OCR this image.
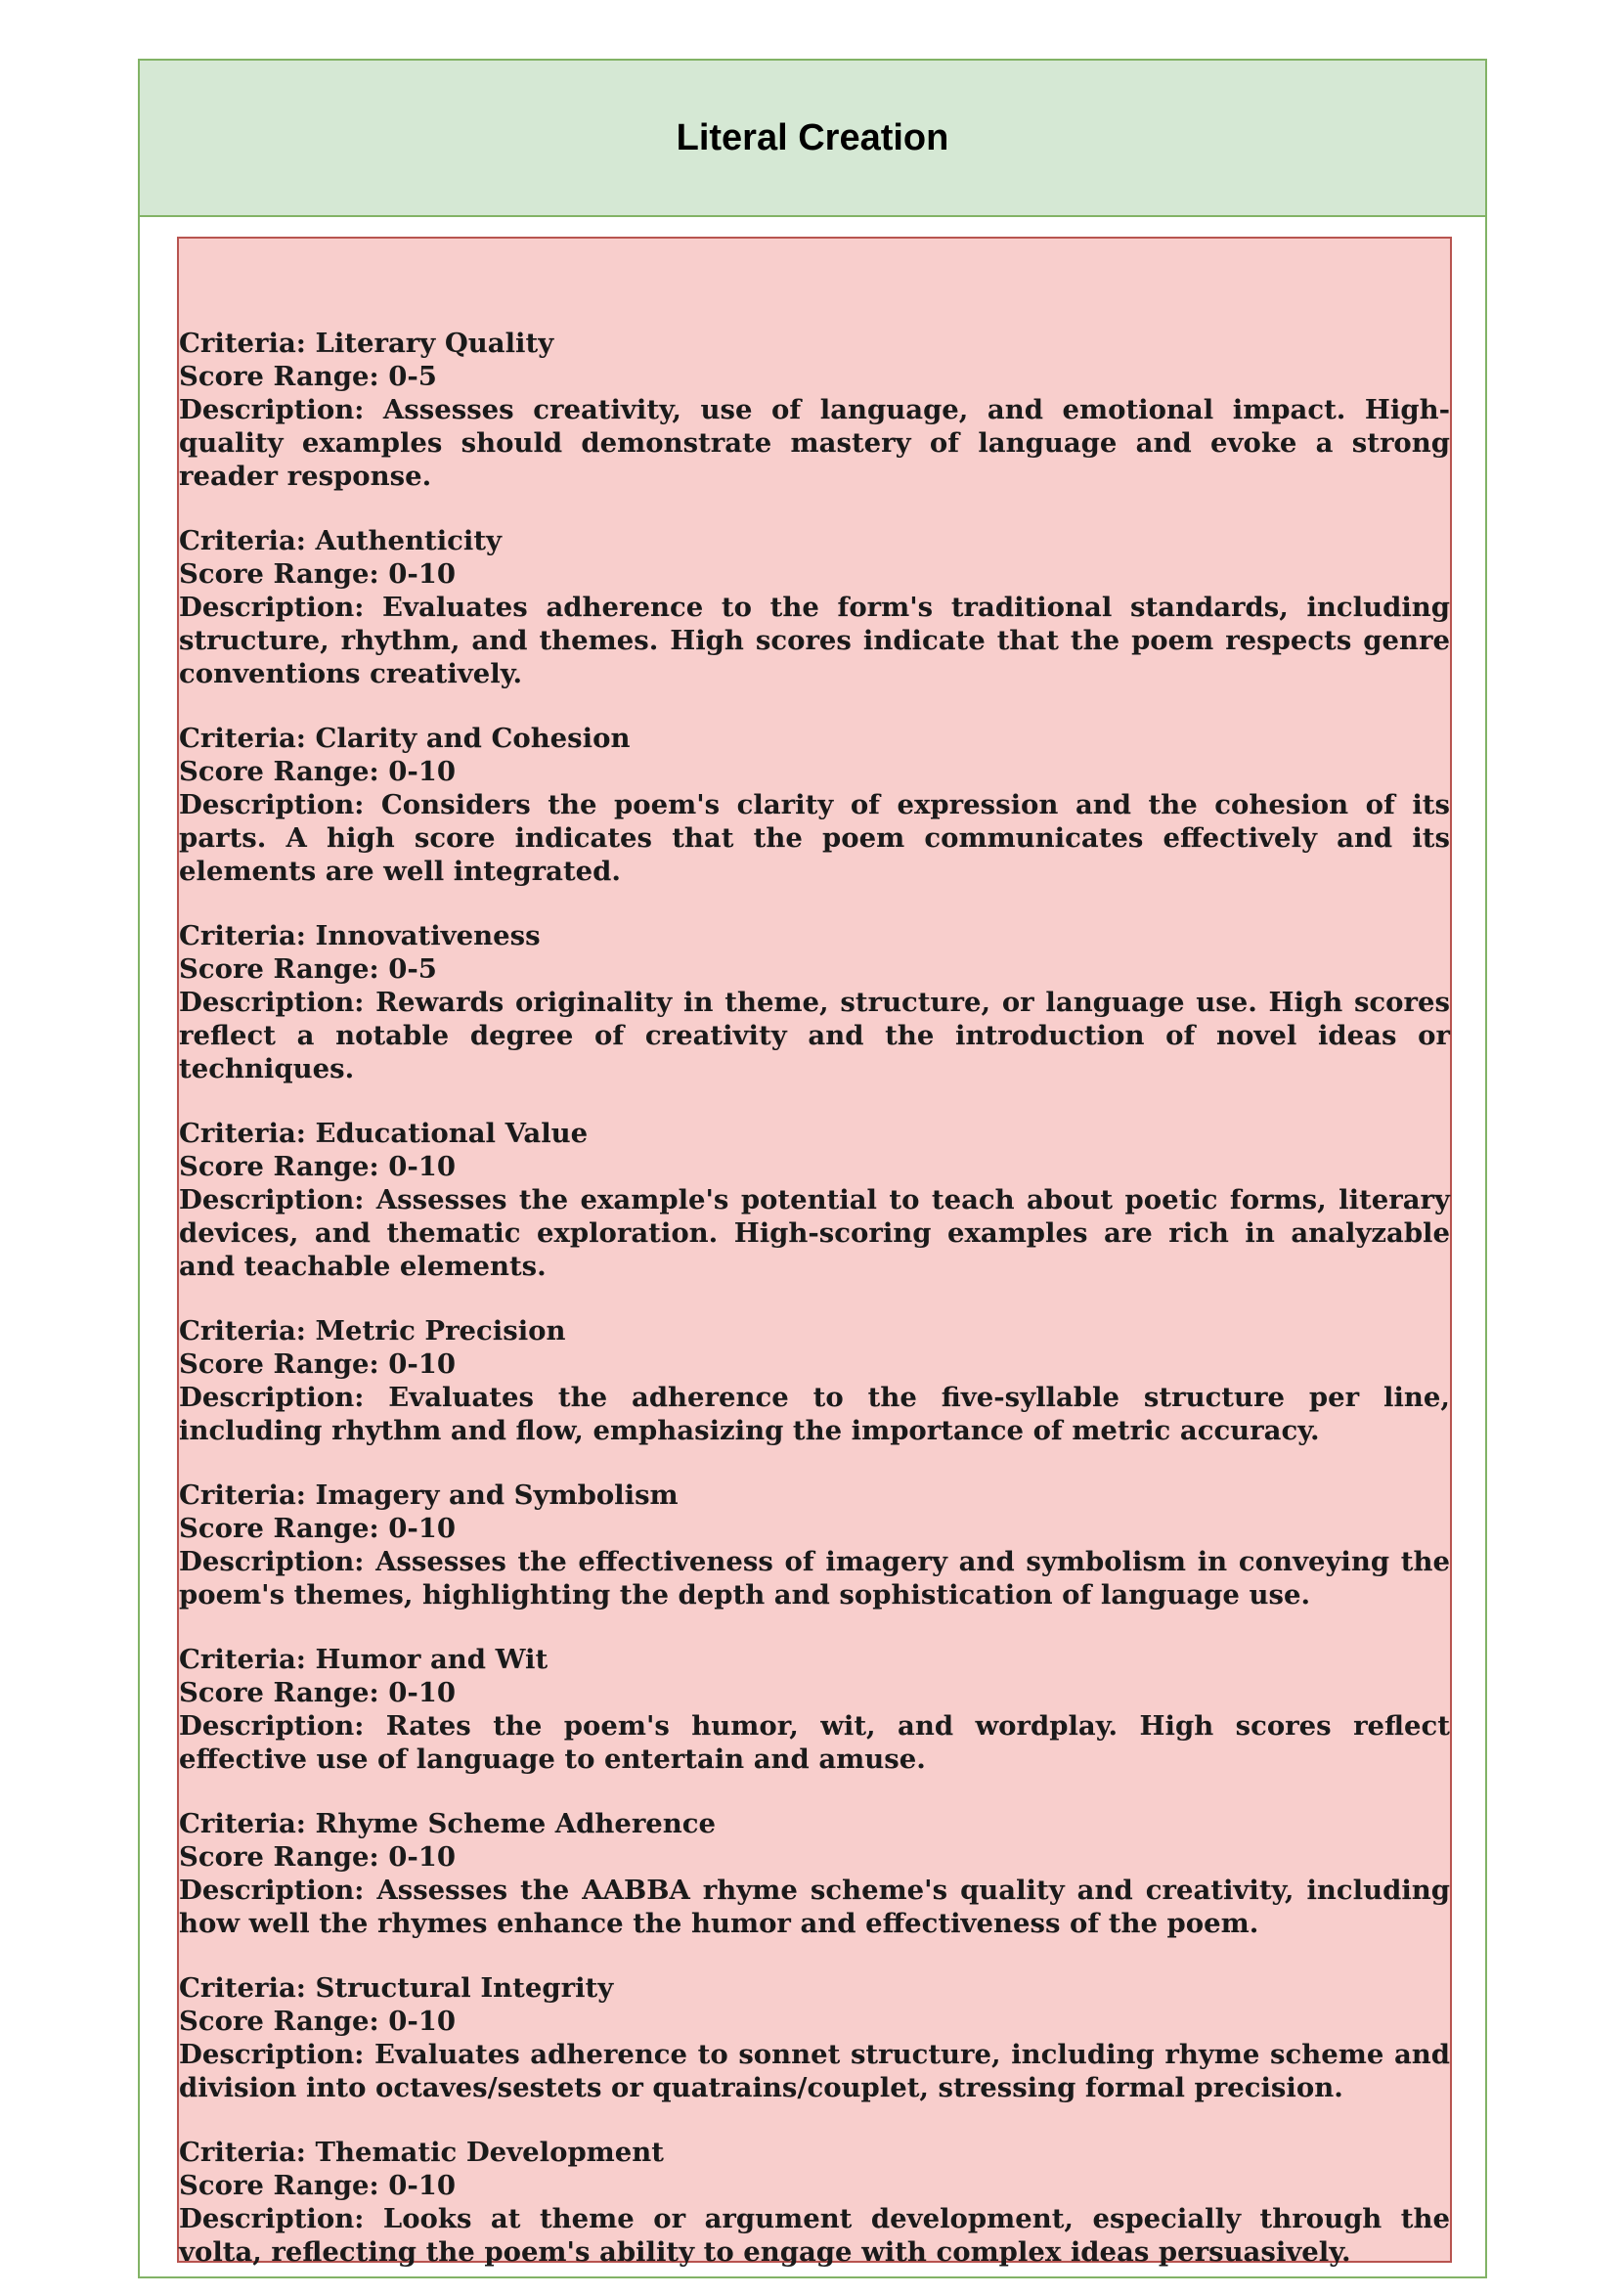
Literal Creation
Criteria: Literary Quality
Score Range: 0-5
Description: Assesses creativity, use of language, and emotional impact. High-quality examples should demonstrate mastery of language and evoke a strong reader response.
Criteria: Authenticity
Score Range: 0-10
Description: Evaluates adherence to the form's traditional standards, including structure, rhythm, and themes. High scores indicate that the poem respects genre conventions creatively.
Criteria: Clarity and Cohesion
Score Range: 0-10
Description: Considers the poem's clarity of expression and the cohesion of its parts. A high score indicates that the poem communicates effectively and its elements are well integrated.
Criteria: Innovativeness
Score Range: 0-5
Description: Rewards originality in theme, structure, or language use. High scores reflect a notable degree of creativity and the introduction of novel ideas or techniques.
Criteria: Educational Value
Score Range: 0-10
Description: Assesses the example's potential to teach about poetic forms, literary devices, and thematic exploration. High-scoring examples are rich in analyzable and teachable elements.
Criteria: Metric Precision
Score Range: 0-10
Description: Evaluates the adherence to the five-syllable structure per line, including rhythm and flow, emphasizing the importance of metric accuracy.
Criteria: Imagery and Symbolism
Score Range: 0-10
Description: Assesses the effectiveness of imagery and symbolism in conveying the poem's themes, highlighting the depth and sophistication of language use.
Criteria: Humor and Wit
Score Range: 0-10
Description: Rates the poem's humor, wit, and wordplay. High scores reflect effective use of language to entertain and amuse.
Criteria: Rhyme Scheme Adherence
Score Range: 0-10
Description: Assesses the AABBA rhyme scheme's quality and creativity, including how well the rhymes enhance the humor and effectiveness of the poem.
Criteria: Structural Integrity
Score Range: 0-10
Description: Evaluates adherence to sonnet structure, including rhyme scheme and division into octaves/sestets or quatrains/couplet, stressing formal precision.
Criteria: Thematic Development
Score Range: 0-10
Description: Looks at theme or argument development, especially through the volta, reflecting the poem's ability to engage with complex ideas persuasively.
